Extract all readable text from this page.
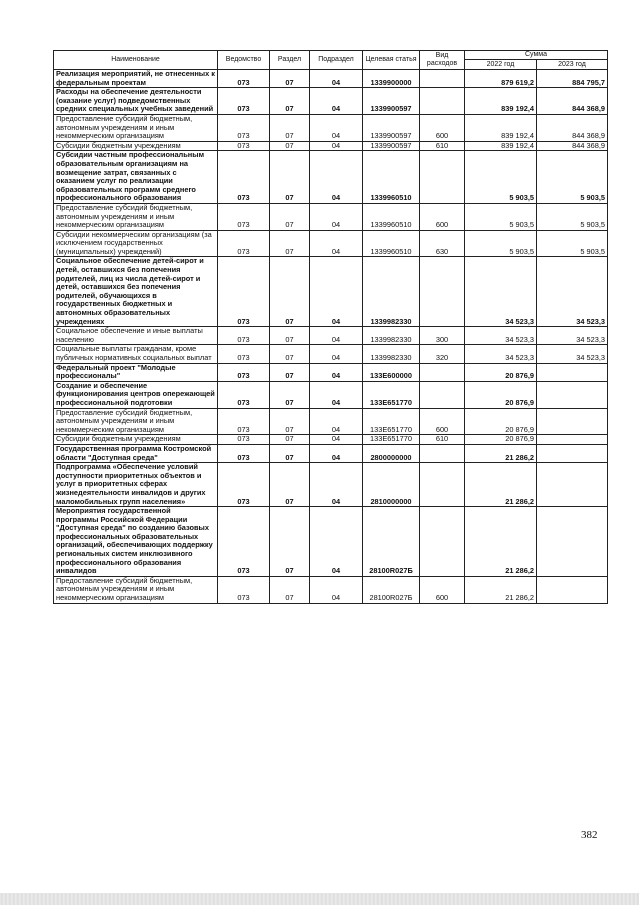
Наименование	Ведомство	Раздел	Подраздел	Целевая статья	Вид расходов	Сумма	
						2022 год	2023 год
Реализация мероприятий, не отнесенных к федеральным проектам	073	07	04	1339900000		879 619,2	884 795,7
Расходы на обеспечение деятельности (оказание услуг) подведомственных средних специальных учебных заведений	073	07	04	1339900597		839 192,4	844 368,9
Предоставление субсидий бюджетным, автономным учреждениям и иным некоммерческим организациям	073	07	04	1339900597	600	839 192,4	844 368,9
Субсидии бюджетным учреждениям	073	07	04	1339900597	610	839 192,4	844 368,9
Субсидии частным профессиональным образовательным организациям на возмещение затрат, связанных с оказанием услуг по реализации образовательных программ среднего профессионального образования	073	07	04	1339960510		5 903,5	5 903,5
Предоставление субсидий бюджетным, автономным учреждениям и иным некоммерческим организациям	073	07	04	1339960510	600	5 903,5	5 903,5
Субсидии некоммерческим организациям (за исключением государственных (муниципальных) учреждений)	073	07	04	1339960510	630	5 903,5	5 903,5
Социальное обеспечение детей-сирот и детей, оставшихся без попечения родителей, лиц из числа детей-сирот и детей, оставшихся без попечения родителей, обучающихся в государственных бюджетных и автономных образовательных учреждениях	073	07	04	1339982330		34 523,3	34 523,3
Социальное обеспечение и иные выплаты населению	073	07	04	1339982330	300	34 523,3	34 523,3
Социальные выплаты гражданам, кроме публичных нормативных социальных выплат	073	07	04	1339982330	320	34 523,3	34 523,3
Федеральный проект "Молодые профессионалы"	073	07	04	133E600000		20 876,9	
Создание и обеспечение функционирования центров опережающей профессиональной подготовки	073	07	04	133E651770		20 876,9	
Предоставление субсидий бюджетным, автономным учреждениям и иным некоммерческим организациям	073	07	04	133E651770	600	20 876,9	
Субсидии бюджетным учреждениям	073	07	04	133E651770	610	20 876,9	
Государственная программа Костромской области "Доступная среда"	073	07	04	2800000000		21 286,2	
Подпрограмма «Обеспечение условий доступности приоритетных объектов и услуг в приоритетных сферах жизнедеятельности инвалидов и других маломобильных групп населения»	073	07	04	2810000000		21 286,2	
Мероприятия государственной программы Российской Федерации "Доступная среда" по созданию базовых профессиональных образовательных организаций, обеспечивающих поддержку региональных систем инклюзивного профессионального образования инвалидов	073	07	04	28100R027Б		21 286,2	
Предоставление субсидий бюджетным, автономным учреждениям и иным некоммерческим организациям	073	07	04	28100R027Б	600	21 286,2	
382
